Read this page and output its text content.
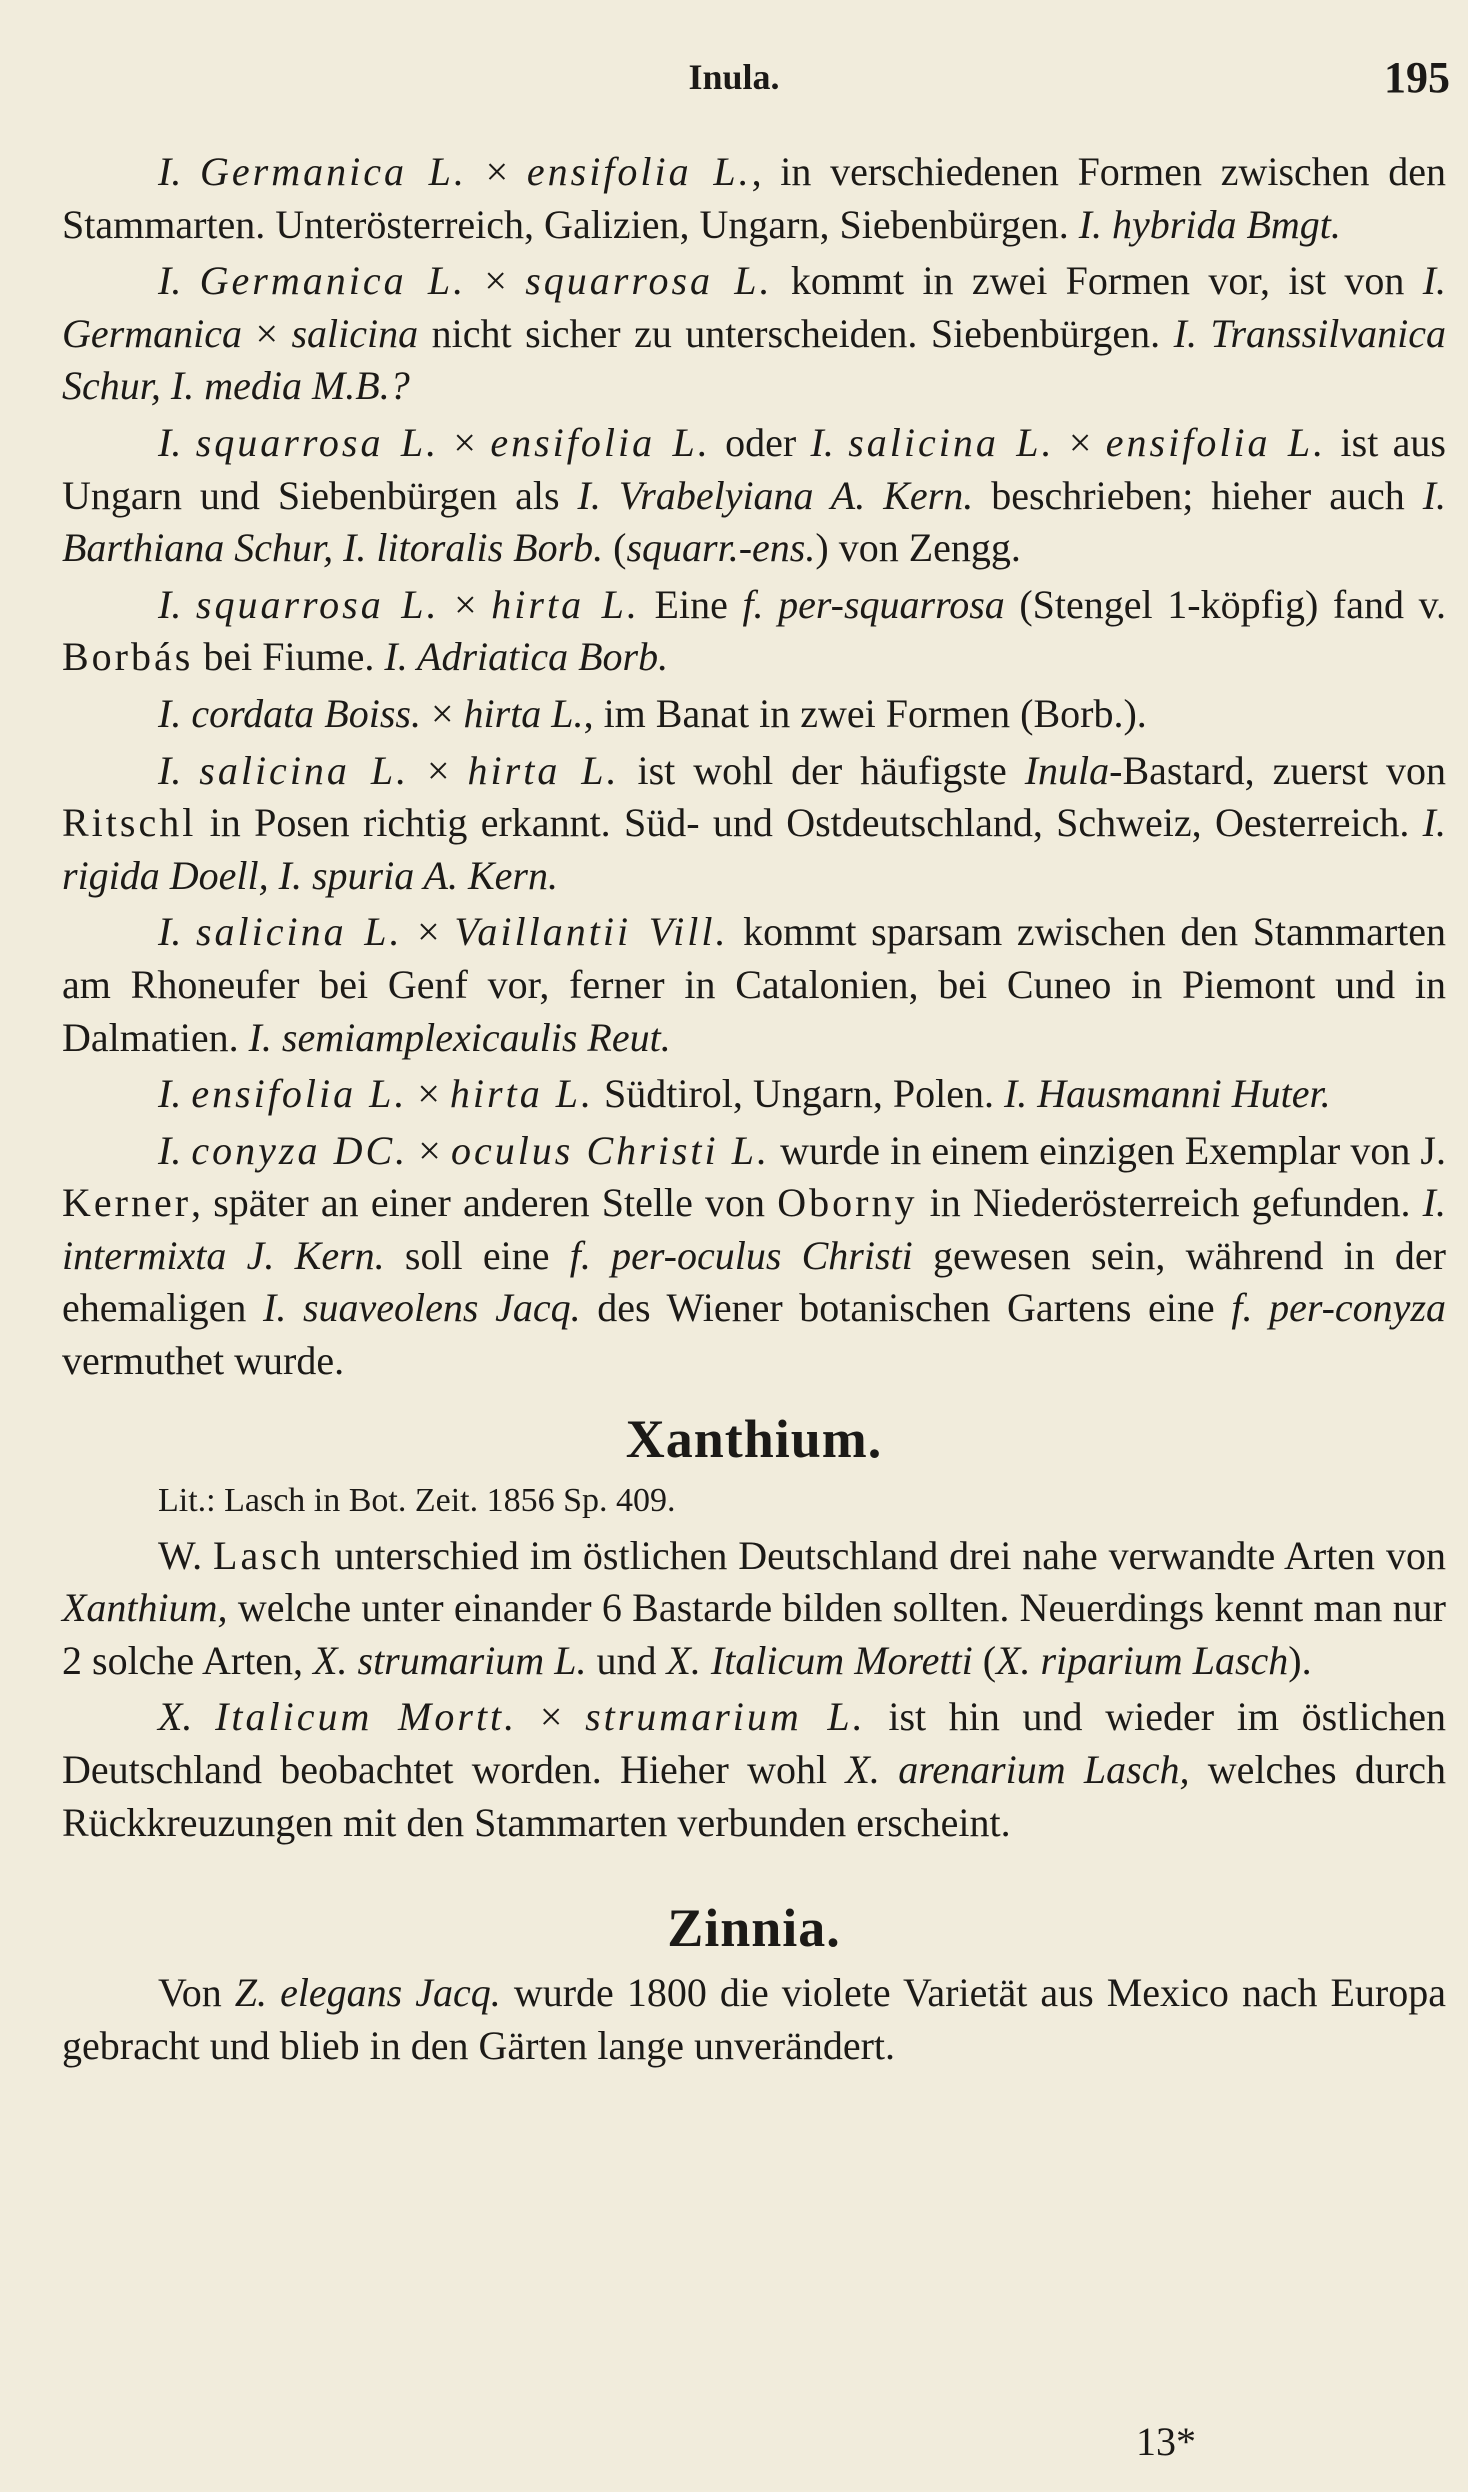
Inula.	195
I. Germanica L. × ensifolia L., in verschiedenen Formen zwischen den Stammarten. Unterösterreich, Galizien, Ungarn, Siebenbürgen. I. hybrida Bmgt.
I. Germanica L. × squarrosa L. kommt in zwei Formen vor, ist von I. Germanica × salicina nicht sicher zu unterscheiden. Siebenbürgen. I. Transsilvanica Schur, I. media M.B.?
I. squarrosa L. × ensifolia L. oder I. salicina L. × ensifolia L. ist aus Ungarn und Siebenbürgen als I. Vrabelyiana A. Kern. beschrieben; hieher auch I. Barthiana Schur, I. litoralis Borb. (squarr.-ens.) von Zengg.
I. squarrosa L. × hirta L. Eine f. per-squarrosa (Stengel 1-köpfig) fand v. Borbás bei Fiume. I. Adriatica Borb.
I. cordata Boiss. × hirta L., im Banat in zwei Formen (Borb.).
I. salicina L. × hirta L. ist wohl der häufigste Inula-Bastard, zuerst von Ritschl in Posen richtig erkannt. Süd- und Ostdeutschland, Schweiz, Oesterreich. I. rigida Doell, I. spuria A. Kern.
I. salicina L. × Vaillantii Vill. kommt sparsam zwischen den Stammarten am Rhoneufer bei Genf vor, ferner in Catalonien, bei Cuneo in Piemont und in Dalmatien. I. semiamplexicaulis Reut.
I. ensifolia L. × hirta L. Südtirol, Ungarn, Polen. I. Hausmanni Huter.
I. conyza DC. × oculus Christi L. wurde in einem einzigen Exemplar von J. Kerner, später an einer anderen Stelle von Oborny in Niederösterreich gefunden. I. intermixta J. Kern. soll eine f. per-oculus Christi gewesen sein, während in der ehemaligen I. suaveolens Jacq. des Wiener botanischen Gartens eine f. per-conyza vermuthet wurde.
Xanthium.
Lit.: Lasch in Bot. Zeit. 1856 Sp. 409.
W. Lasch unterschied im östlichen Deutschland drei nahe verwandte Arten von Xanthium, welche unter einander 6 Bastarde bilden sollten. Neuerdings kennt man nur 2 solche Arten, X. strumarium L. und X. Italicum Moretti (X. riparium Lasch).
X. Italicum Mortt. × strumarium L. ist hin und wieder im östlichen Deutschland beobachtet worden. Hieher wohl X. arenarium Lasch, welches durch Rückkreuzungen mit den Stammarten verbunden erscheint.
Zinnia.
Von Z. elegans Jacq. wurde 1800 die violete Varietät aus Mexico nach Europa gebracht und blieb in den Gärten lange unverändert.
13*
